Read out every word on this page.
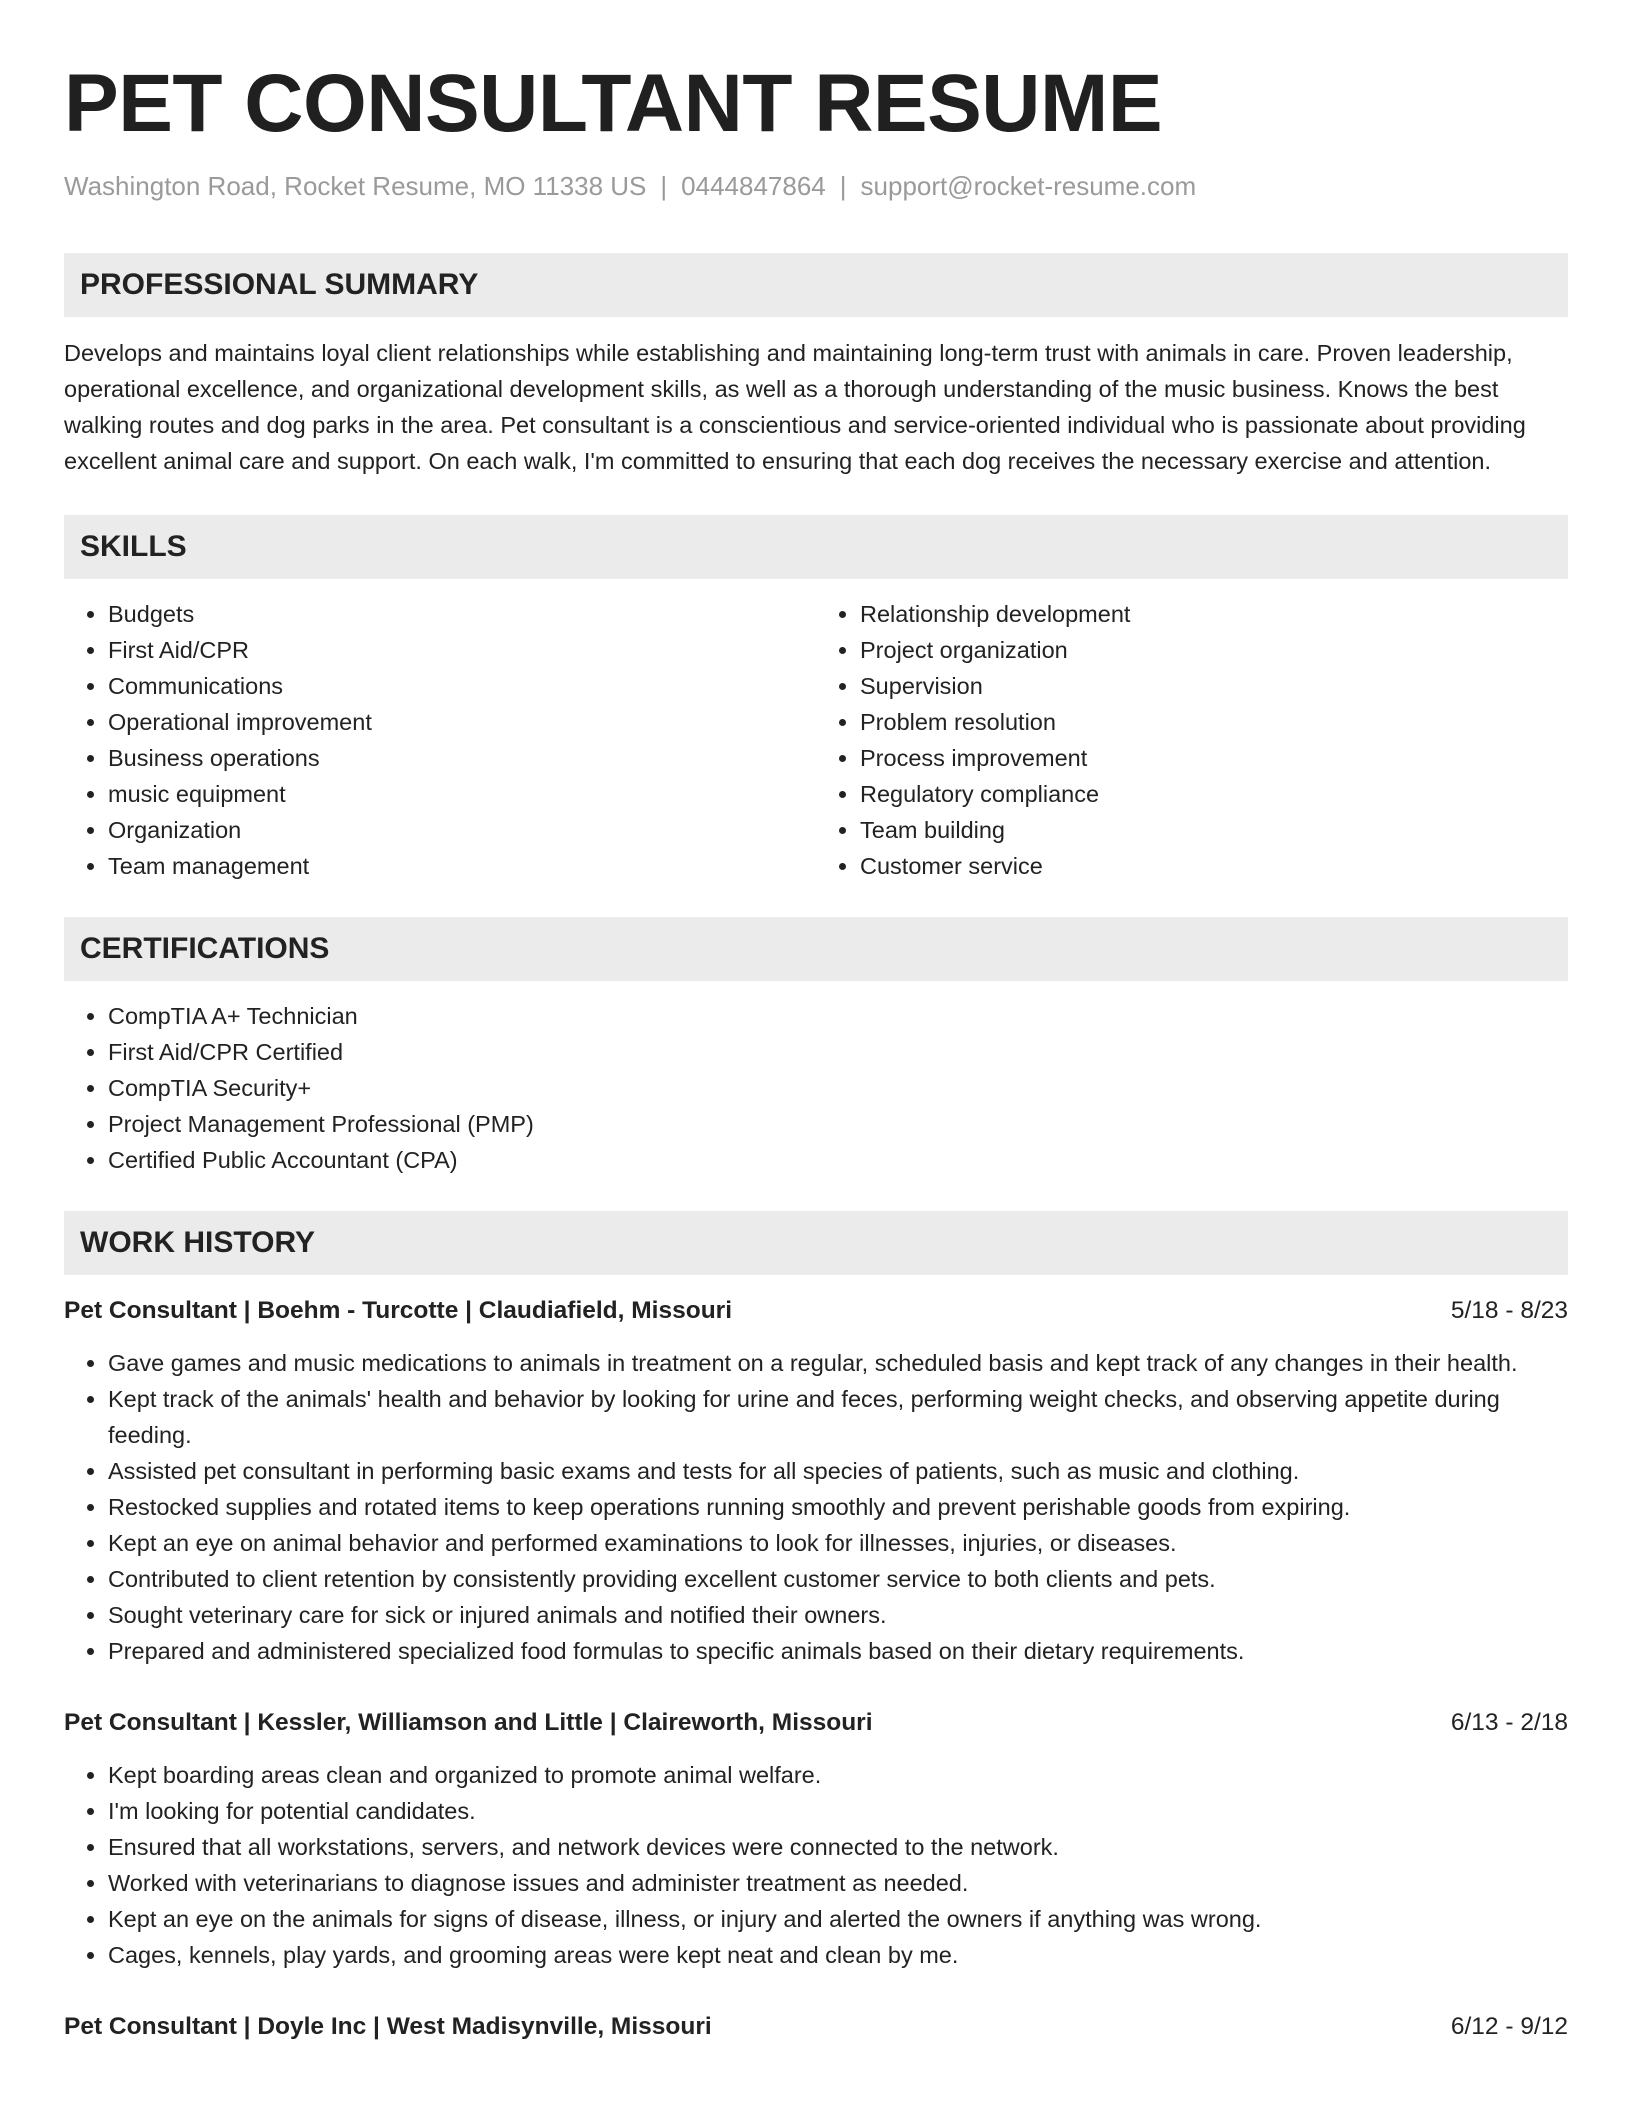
PET CONSULTANT RESUME
Washington Road, Rocket Resume, MO 11338 US | 0444847864 | support@rocket-resume.com
PROFESSIONAL SUMMARY

Develops and maintains loyal client relationships while establishing and maintaining long-term trust with animals in care. Proven leadership, operational excellence, and organizational development skills, as well as a thorough understanding of the music business. Knows the best walking routes and dog parks in the area. Pet consultant is a conscientious and service-oriented individual who is passionate about providing excellent animal care and support. On each walk, I'm committed to ensuring that each dog receives the necessary exercise and attention.

SKILLS
• Budgets
• First Aid/CPR
• Communications
• Operational improvement
• Business operations
• music equipment
• Organization
• Team management
• Relationship development
• Project organization
• Supervision
• Problem resolution
• Process improvement
• Regulatory compliance
• Team building
• Customer service
CERTIFICATIONS
• CompTIA A+ Technician
• First Aid/CPR Certified
• CompTIA Security+
• Project Management Professional (PMP)
• Certified Public Accountant (CPA)
WORK HISTORY
Pet Consultant | Boehm - Turcotte | Claudiafield, Missouri	5/18 - 8/23
• Gave games and music medications to animals in treatment on a regular, scheduled basis and kept track of any changes in their health.
• Kept track of the animals' health and behavior by looking for urine and feces, performing weight checks, and observing appetite during feeding.
• Assisted pet consultant in performing basic exams and tests for all species of patients, such as music and clothing.
• Restocked supplies and rotated items to keep operations running smoothly and prevent perishable goods from expiring.
• Kept an eye on animal behavior and performed examinations to look for illnesses, injuries, or diseases.
• Contributed to client retention by consistently providing excellent customer service to both clients and pets.
• Sought veterinary care for sick or injured animals and notified their owners.
• Prepared and administered specialized food formulas to specific animals based on their dietary requirements.
Pet Consultant | Kessler, Williamson and Little | Claireworth, Missouri	6/13 - 2/18
• Kept boarding areas clean and organized to promote animal welfare.
• I'm looking for potential candidates.
• Ensured that all workstations, servers, and network devices were connected to the network.
• Worked with veterinarians to diagnose issues and administer treatment as needed.
• Kept an eye on the animals for signs of disease, illness, or injury and alerted the owners if anything was wrong.
• Cages, kennels, play yards, and grooming areas were kept neat and clean by me.
Pet Consultant | Doyle Inc | West Madisynville, Missouri	6/12 - 9/12
